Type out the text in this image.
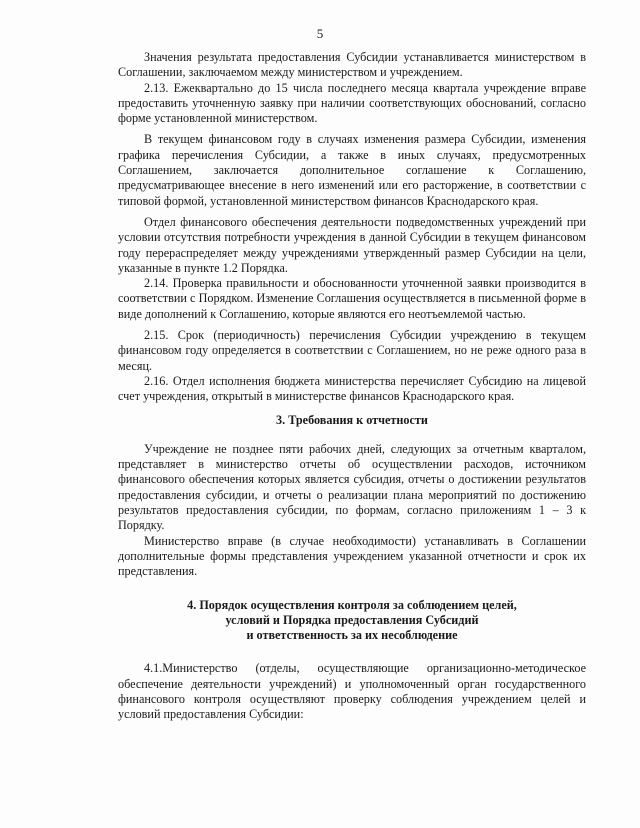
5

Значения результата предоставления Субсидии устанавливается министерством в Соглашении, заключаемом между министерством и учреждением.

2.13. Ежеквартально до 15 числа последнего месяца квартала учреждение вправе предоставить уточненную заявку при наличии соответствующих обоснований, согласно форме установленной министерством.

В текущем финансовом году в случаях изменения размера Субсидии, изменения графика перечисления Субсидии, а также в иных случаях, предусмотренных Соглашением, заключается дополнительное соглашение к Соглашению, предусматривающее внесение в него изменений или его расторжение, в соответствии с типовой формой, установленной министерством финансов Краснодарского края.

Отдел финансового обеспечения деятельности подведомственных учреждений при условии отсутствия потребности учреждения в данной Субсидии в текущем финансовом году перераспределяет между учреждениями утвержденный размер Субсидии на цели, указанные в пункте 1.2 Порядка.

2.14. Проверка правильности и обоснованности уточненной заявки производится в соответствии с Порядком. Изменение Соглашения осуществляется в письменной форме в виде дополнений к Соглашению, которые являются его неотъемлемой частью.

2.15. Срок (периодичность) перечисления Субсидии учреждению в текущем финансовом году определяется в соответствии с Соглашением, но не реже одного раза в месяц.

2.16. Отдел исполнения бюджета министерства перечисляет Субсидию на лицевой счет учреждения, открытый в министерстве финансов Краснодарского края.

3. Требования к отчетности

Учреждение не позднее пяти рабочих дней, следующих за отчетным кварталом, представляет в министерство отчеты об осуществлении расходов, источником финансового обеспечения которых является субсидия, отчеты о достижении результатов предоставления субсидии, и отчеты о реализации плана мероприятий по достижению результатов предоставления субсидии, по формам, согласно приложениям 1 – 3 к Порядку.

Министерство вправе (в случае необходимости) устанавливать в Соглашении дополнительные формы представления учреждением указанной отчетности и срок их представления.

4. Порядок осуществления контроля за соблюдением целей,
условий и Порядка предоставления Субсидий
и ответственность за их несоблюдение

4.1.Министерство (отделы, осуществляющие организационно-методическое обеспечение деятельности учреждений) и уполномоченный орган государственного финансового контроля осуществляют проверку соблюдения учреждением целей и условий предоставления Субсидии:
